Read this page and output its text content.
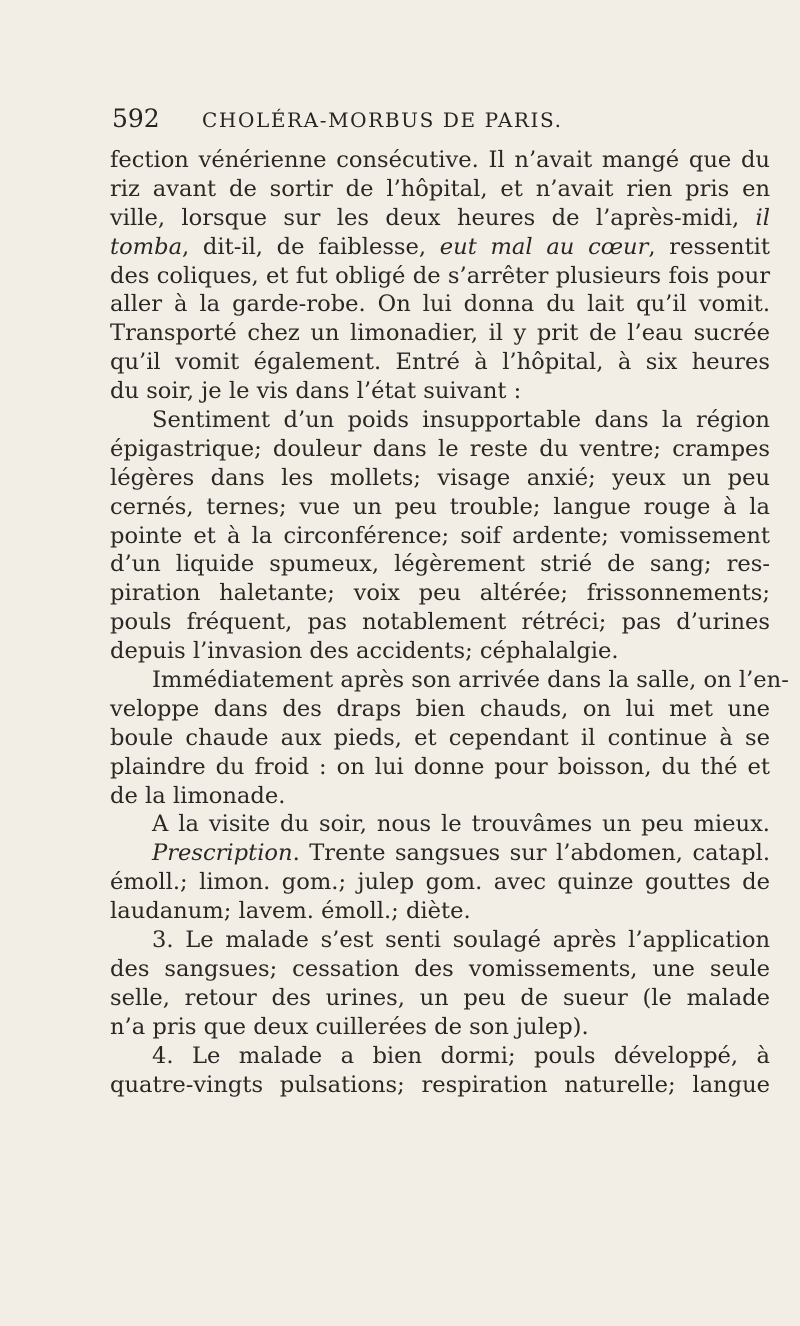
592 CHOLÉRA-MORBUS DE PARIS.
fection vénérienne consécutive. Il n’avait mangé que du
riz avant de sortir de l’hôpital, et n’avait rien pris en
ville, lorsque sur les deux heures de l’après-midi, il
tomba, dit-il, de faiblesse, eut mal au cœur, ressentit
des coliques, et fut obligé de s’arrêter plusieurs fois pour
aller à la garde-robe. On lui donna du lait qu’il vomit.
Transporté chez un limonadier, il y prit de l’eau sucrée
qu’il vomit également. Entré à l’hôpital, à six heures
du soir, je le vis dans l’état suivant :
Sentiment d’un poids insupportable dans la région
épigastrique; douleur dans le reste du ventre; crampes
légères dans les mollets; visage anxié; yeux un peu
cernés, ternes; vue un peu trouble; langue rouge à la
pointe et à la circonférence; soif ardente; vomissement
d’un liquide spumeux, légèrement strié de sang; res-
piration haletante; voix peu altérée; frissonnements;
pouls fréquent, pas notablement rétréci; pas d’urines
depuis l’invasion des accidents; céphalalgie.
Immédiatement après son arrivée dans la salle, on l’en-
veloppe dans des draps bien chauds, on lui met une
boule chaude aux pieds, et cependant il continue à se
plaindre du froid : on lui donne pour boisson, du thé et
de la limonade.
A la visite du soir, nous le trouvâmes un peu mieux.
Prescription. Trente sangsues sur l’abdomen, catapl.
émoll.; limon. gom.; julep gom. avec quinze gouttes de
laudanum; lavem. émoll.; diète.
3. Le malade s’est senti soulagé après l’application
des sangsues; cessation des vomissements, une seule
selle, retour des urines, un peu de sueur (le malade
n’a pris que deux cuillerées de son julep).
4. Le malade a bien dormi; pouls développé, à
quatre-vingts pulsations; respiration naturelle; langue
